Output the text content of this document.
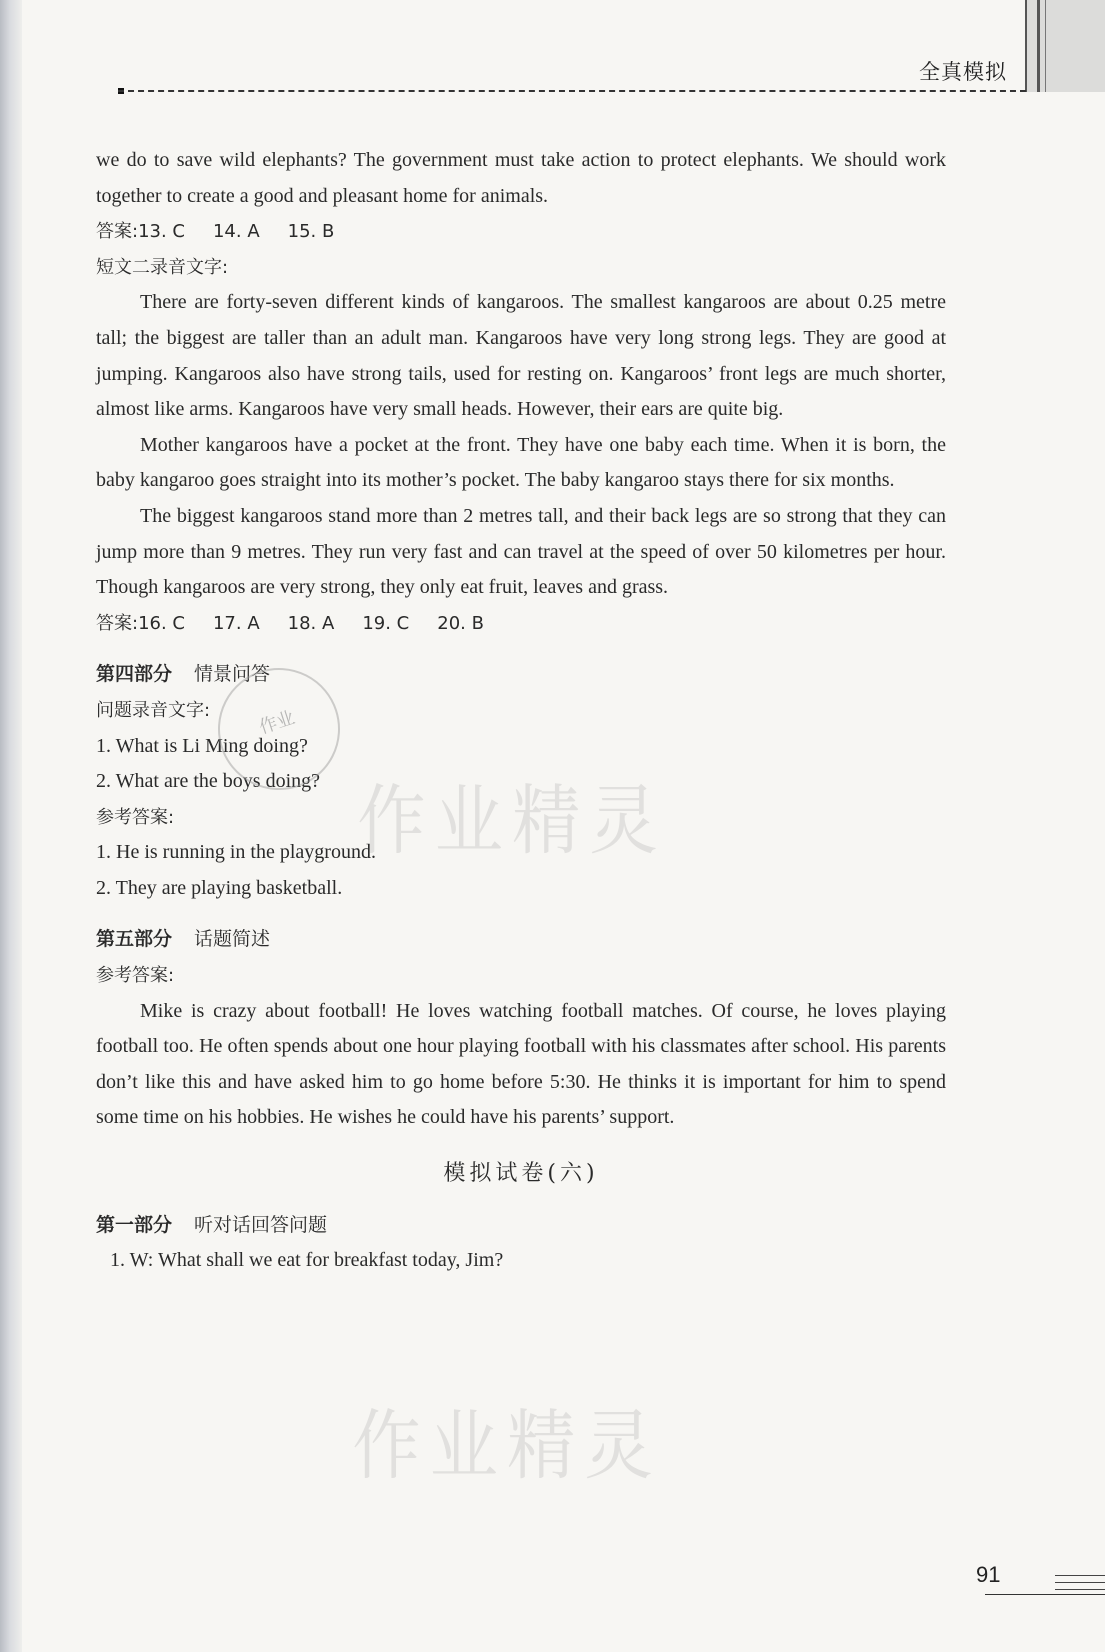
全真模拟

we do to save wild elephants? The government must take action to protect elephants. We should work together to create a good and pleasant home for animals.

答案:13. C 14. A 15. B

短文二录音文字:

There are forty-seven different kinds of kangaroos. The smallest kangaroos are about 0.25 metre tall; the biggest are taller than an adult man. Kangaroos have very long strong legs. They are good at jumping. Kangaroos also have strong tails, used for resting on. Kangaroos’ front legs are much shorter, almost like arms. Kangaroos have very small heads. However, their ears are quite big.

Mother kangaroos have a pocket at the front. They have one baby each time. When it is born, the baby kangaroo goes straight into its mother’s pocket. The baby kangaroo stays there for six months.

The biggest kangaroos stand more than 2 metres tall, and their back legs are so strong that they can jump more than 9 metres. They run very fast and can travel at the speed of over 50 kilometres per hour. Though kangaroos are very strong, they only eat fruit, leaves and grass.

答案:16. C 17. A 18. A 19. C 20. B

第四部分 情景问答

问题录音文字:

1. What is Li Ming doing?

2. What are the boys doing?

参考答案:

1. He is running in the playground.

2. They are playing basketball.

第五部分 话题简述

参考答案:

Mike is crazy about football! He loves watching football matches. Of course, he loves playing football too. He often spends about one hour playing football with his classmates after school. His parents don’t like this and have asked him to go home before 5:30. He thinks it is important for him to spend some time on his hobbies. He wishes he could have his parents’ support.

模拟试卷(六)

第一部分 听对话回答问题

1. W: What shall we eat for breakfast today, Jim?

作业
作业精灵
作业精灵
91
